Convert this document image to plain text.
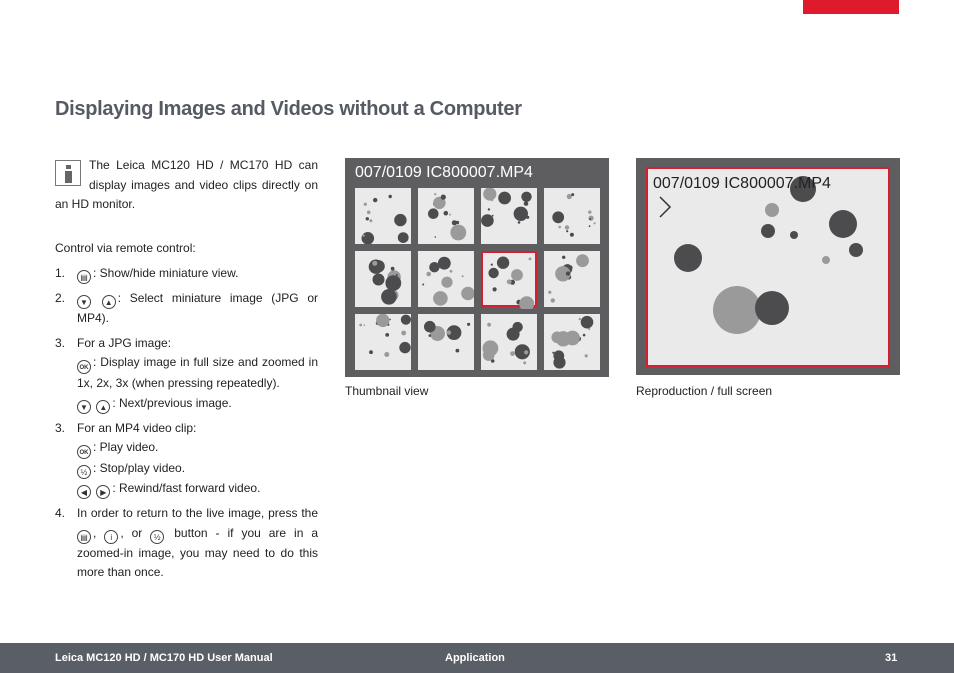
Displaying Images and Videos without a Computer
The Leica MC120 HD / MC170 HD can display images and video clips directly on an HD monitor.
Control via remote control:
1.	▤ : Show/hide miniature view.
2.	▼ ▲ : Select miniature image (JPG or MP4).
3. For a JPG image:
OK : Display image in full size and zoomed in 1x, 2x, 3x (when pressing repeatedly).
▼ ▲ : Next/previous image.
3. For an MP4 video clip:
OK : Play video.
½ : Stop/play video.
◀ ▶ : Rewind/fast forward video.
4. In order to return to the live image, press the ▤ , i , or ½ button - if you are in a zoomed-in image, you may need to do this more than once.
007/0109 IC800007.MP4
007/0109 IC800007.MP4
Thumbnail view	Reproduction / full screen
Leica MC120 HD / MC170 HD User Manual	Application	31
